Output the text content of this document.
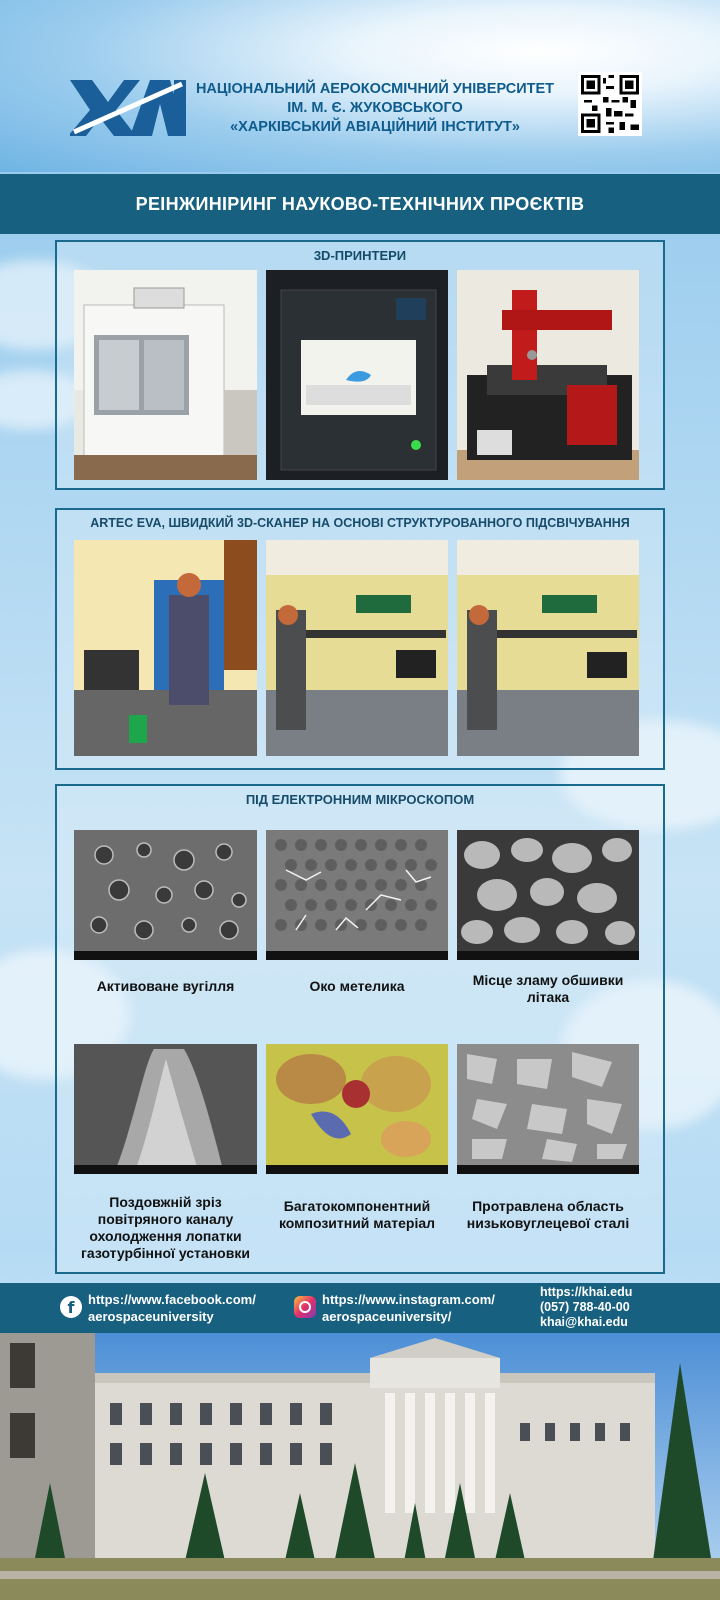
НАЦІОНАЛЬНИЙ АЕРОКОСМІЧНИЙ УНІВЕРСИТЕТ
ІМ. М. Є. ЖУКОВСЬКОГО
«ХАРКІВСЬКИЙ АВІАЦІЙНИЙ ІНСТИТУТ»
РЕІНЖИНІРИНГ НАУКОВО-ТЕХНІЧНИХ ПРОЄКТІВ
3D-ПРИНТЕРИ
ARTEC EVA, ШВИДКИЙ 3D-СКАНЕР НА ОСНОВІ СТРУКТУРОВАННОГО ПІДСВІЧУВАННЯ
ПІД ЕЛЕКТРОННИМ МІКРОСКОПОМ
Активоване вугілля	Око метелика	Місце зламу обшивки літака
Поздовжній зріз повітряного каналу охолодження лопатки газотурбінної установки
Багатокомпонентний композитний матеріал
Протравлена область низьковуглецевої сталі
f	https://www.facebook.com/
aerospaceuniversity
https://www.instagram.com/
aerospaceuniversity/
https://khai.edu
(057) 788-40-00
khai@khai.edu
